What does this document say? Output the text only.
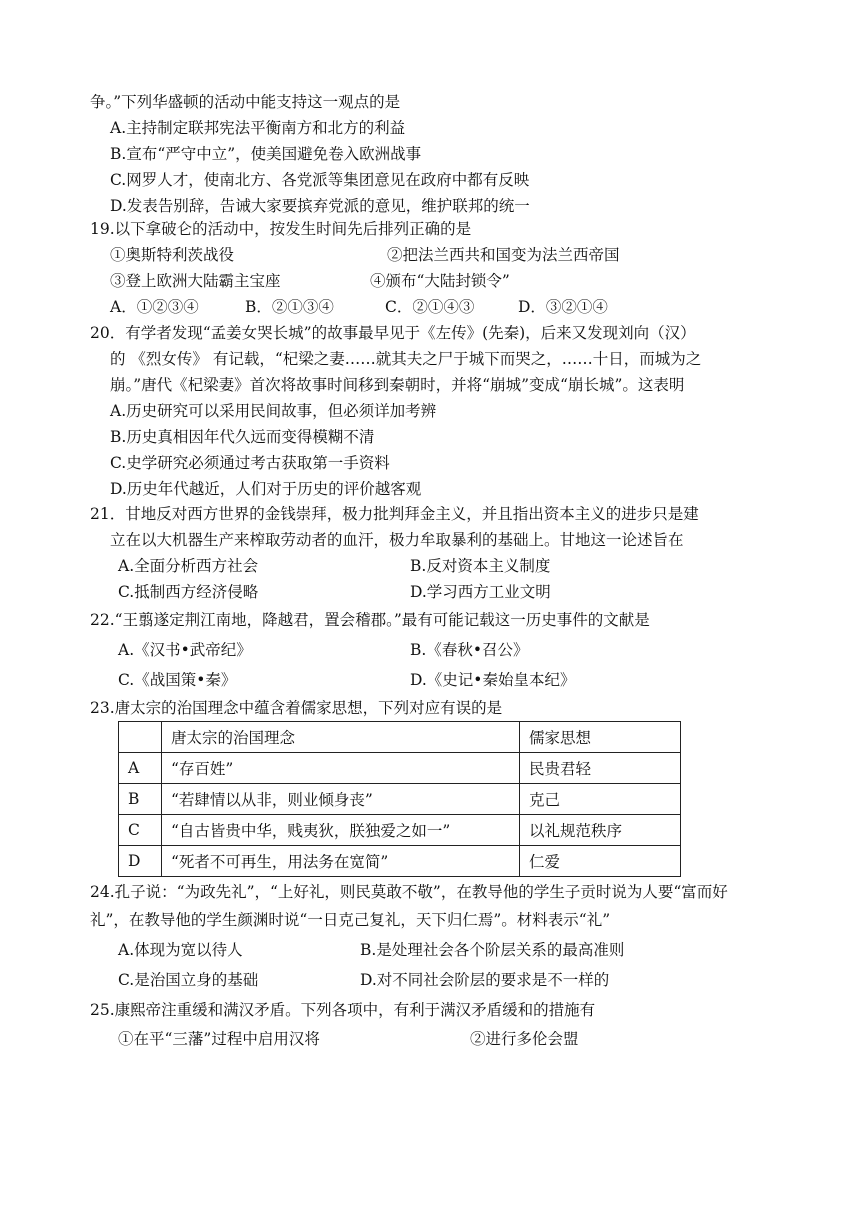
争。”下列华盛顿的活动中能支持这一观点的是
A.主持制定联邦宪法平衡南方和北方的利益
B.宣布“严守中立”，使美国避免卷入欧洲战事
C.网罗人才，使南北方、各党派等集团意见在政府中都有反映
D.发表告别辞，告诫大家要摈弃党派的意见，维护联邦的统一
19.以下拿破仑的活动中，按发生时间先后排列正确的是
①奥斯特利茨战役	②把法兰西共和国变为法兰西帝国
③登上欧洲大陆霸主宝座	④颁布“大陆封锁令”
A．①②③④	B．②①③④	C．②①④③	D．③②①④
20．有学者发现“孟姜女哭长城”的故事最早见于《左传》(先秦)，后来又发现刘向（汉）
的 《烈女传》 有记载，“杞梁之妻……就其夫之尸于城下而哭之，……十日，而城为之
崩。”唐代《杞梁妻》首次将故事时间移到秦朝时，并将“崩城”变成“崩长城”。这表明
A.历史研究可以采用民间故事，但必须详加考辨
B.历史真相因年代久远而变得模糊不清
C.史学研究必须通过考古获取第一手资料
D.历史年代越近，人们对于历史的评价越客观
21．甘地反对西方世界的金钱崇拜，极力批判拜金主义，并且指出资本主义的进步只是建
立在以大机器生产来榨取劳动者的血汗，极力牟取暴利的基础上。甘地这一论述旨在
A.全面分析西方社会	B.反对资本主义制度
C.抵制西方经济侵略	D.学习西方工业文明
22.“王翦遂定荆江南地，降越君，置会稽郡。”最有可能记载这一历史事件的文献是
A.《汉书•武帝纪》	B.《春秋•召公》
C.《战国策•秦》	D.《史记•秦始皇本纪》
23.唐太宗的治国理念中蕴含着儒家思想，下列对应有误的是
	唐太宗的治国理念	儒家思想
A	“存百姓”	民贵君轻
B	“若肆情以从非，则业倾身丧”	克己
C	“自古皆贵中华，贱夷狄，朕独爱之如一”	以礼规范秩序
D	“死者不可再生，用法务在宽简”	仁爱
24.孔子说：“为政先礼”，“上好礼，则民莫敢不敬”，在教导他的学生子贡时说为人要“富而好
礼”，在教导他的学生颜渊时说“一日克己复礼，天下归仁焉”。材料表示“礼”
A.体现为宽以待人	B.是处理社会各个阶层关系的最高准则
C.是治国立身的基础	D.对不同社会阶层的要求是不一样的
25.康熙帝注重缓和满汉矛盾。下列各项中，有利于满汉矛盾缓和的措施有
①在平“三藩”过程中启用汉将	②进行多伦会盟
